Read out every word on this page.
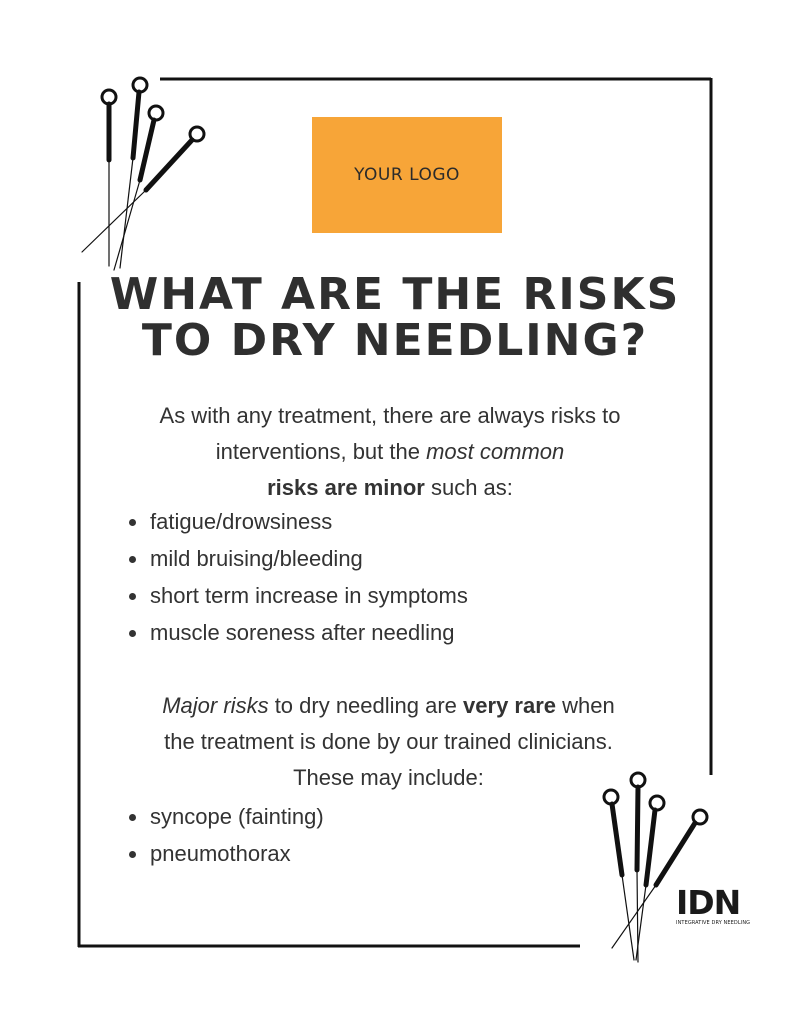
YOUR LOGO
WHAT ARE THE RISKS
TO DRY NEEDLING?
As with any treatment, there are always risks to
interventions, but the most common
risks are minor such as:
fatigue/drowsiness
mild bruising/bleeding
short term increase in symptoms
muscle soreness after needling
Major risks to dry needling are very rare when
the treatment is done by our trained clinicians.
These may include:
syncope (fainting)
pneumothorax
IDN
INTEGRATIVE DRY NEEDLING
